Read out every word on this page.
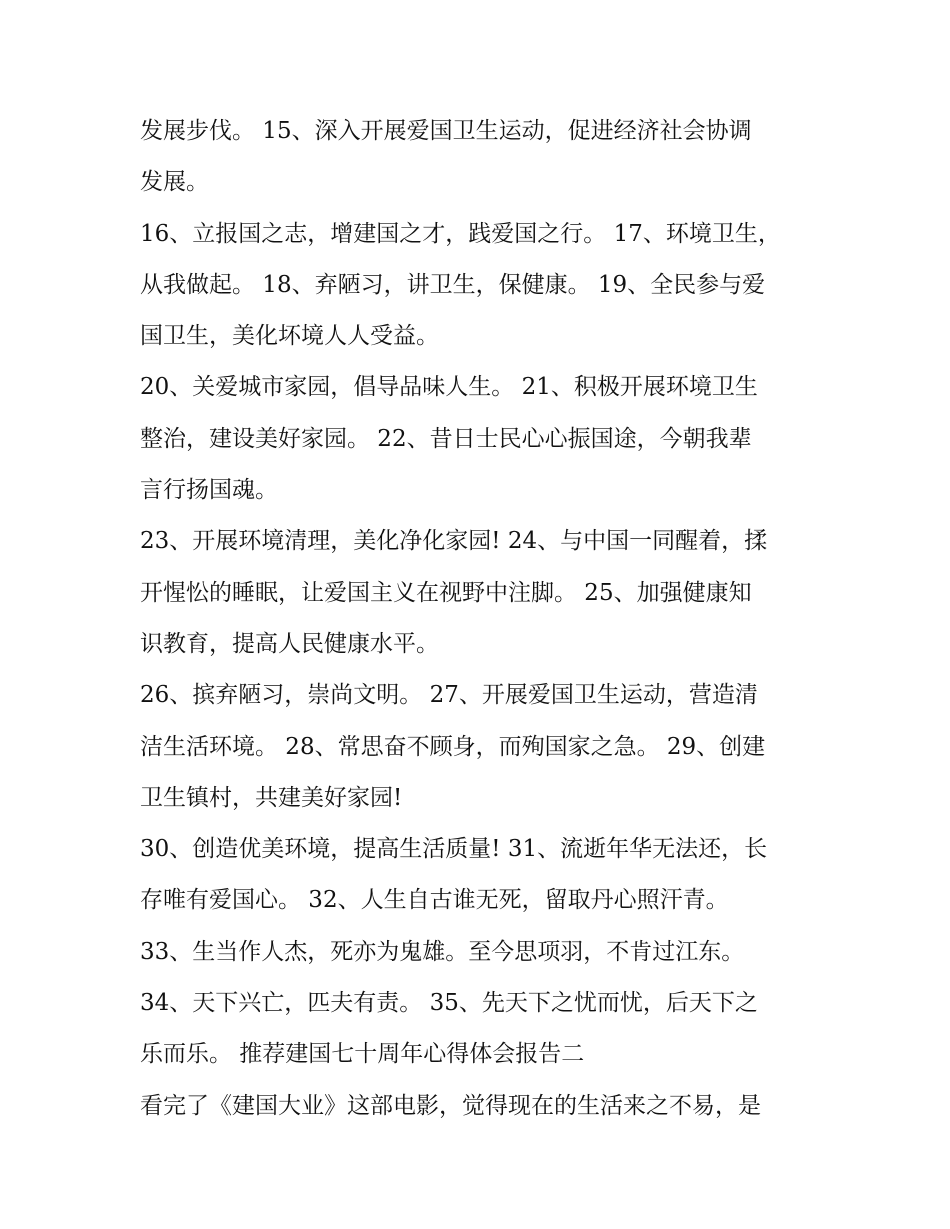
发展步伐。 15、深入开展爱国卫生运动，促进经济社会协调
发展。
16、立报国之志，增建国之才，践爱国之行。 17、环境卫生，
从我做起。 18、弃陋习，讲卫生，保健康。 19、全民参与爱
国卫生，美化坏境人人受益。
20、关爱城市家园，倡导品味人生。 21、积极开展环境卫生
整治，建设美好家园。 22、昔日士民心心振国途，今朝我辈
言行扬国魂。
23、开展环境清理，美化净化家园! 24、与中国一同醒着，揉
开惺忪的睡眠，让爱国主义在视野中注脚。 25、加强健康知
识教育，提高人民健康水平。
26、摈弃陋习，崇尚文明。 27、开展爱国卫生运动，营造清
洁生活环境。 28、常思奋不顾身，而殉国家之急。 29、创建
卫生镇村，共建美好家园!
30、创造优美环境，提高生活质量! 31、流逝年华无法还，长
存唯有爱国心。 32、人生自古谁无死，留取丹心照汗青。
33、生当作人杰，死亦为鬼雄。至今思项羽，不肯过江东。
34、天下兴亡，匹夫有责。 35、先天下之忧而忧，后天下之
乐而乐。 推荐建国七十周年心得体会报告二
看完了《建国大业》这部电影，觉得现在的生活来之不易，是
